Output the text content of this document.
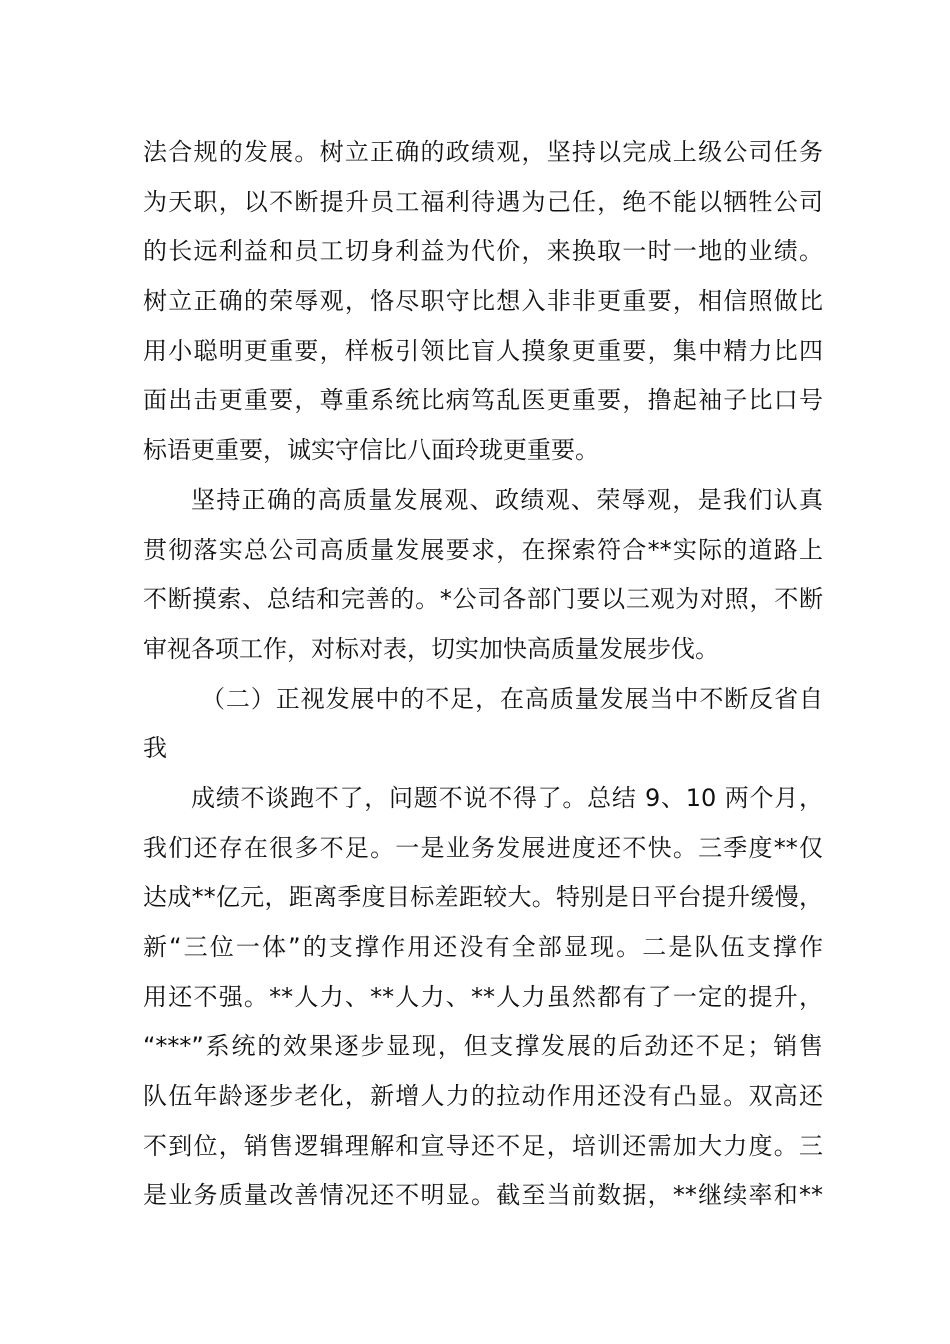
法合规的发展。树立正确的政绩观，坚持以完成上级公司任务
为天职，以不断提升员工福利待遇为己任，绝不能以牺牲公司
的长远利益和员工切身利益为代价，来换取一时一地的业绩。
树立正确的荣辱观，恪尽职守比想入非非更重要，相信照做比
用小聪明更重要，样板引领比盲人摸象更重要，集中精力比四
面出击更重要，尊重系统比病笃乱医更重要，撸起袖子比口号
标语更重要，诚实守信比八面玲珑更重要。
坚持正确的高质量发展观、政绩观、荣辱观，是我们认真
贯彻落实总公司高质量发展要求，在探索符合**实际的道路上
不断摸索、总结和完善的。*公司各部门要以三观为对照，不断
审视各项工作，对标对表，切实加快高质量发展步伐。
（二）正视发展中的不足，在高质量发展当中不断反省自
我
成绩不谈跑不了，问题不说不得了。总结 9、10 两个月，
我们还存在很多不足。一是业务发展进度还不快。三季度**仅
达成**亿元，距离季度目标差距较大。特别是日平台提升缓慢，
新“三位一体”的支撑作用还没有全部显现。二是队伍支撑作
用还不强。**人力、**人力、**人力虽然都有了一定的提升，
“***”系统的效果逐步显现，但支撑发展的后劲还不足；销售
队伍年龄逐步老化，新增人力的拉动作用还没有凸显。双高还
不到位，销售逻辑理解和宣导还不足，培训还需加大力度。三
是业务质量改善情况还不明显。截至当前数据，**继续率和**
